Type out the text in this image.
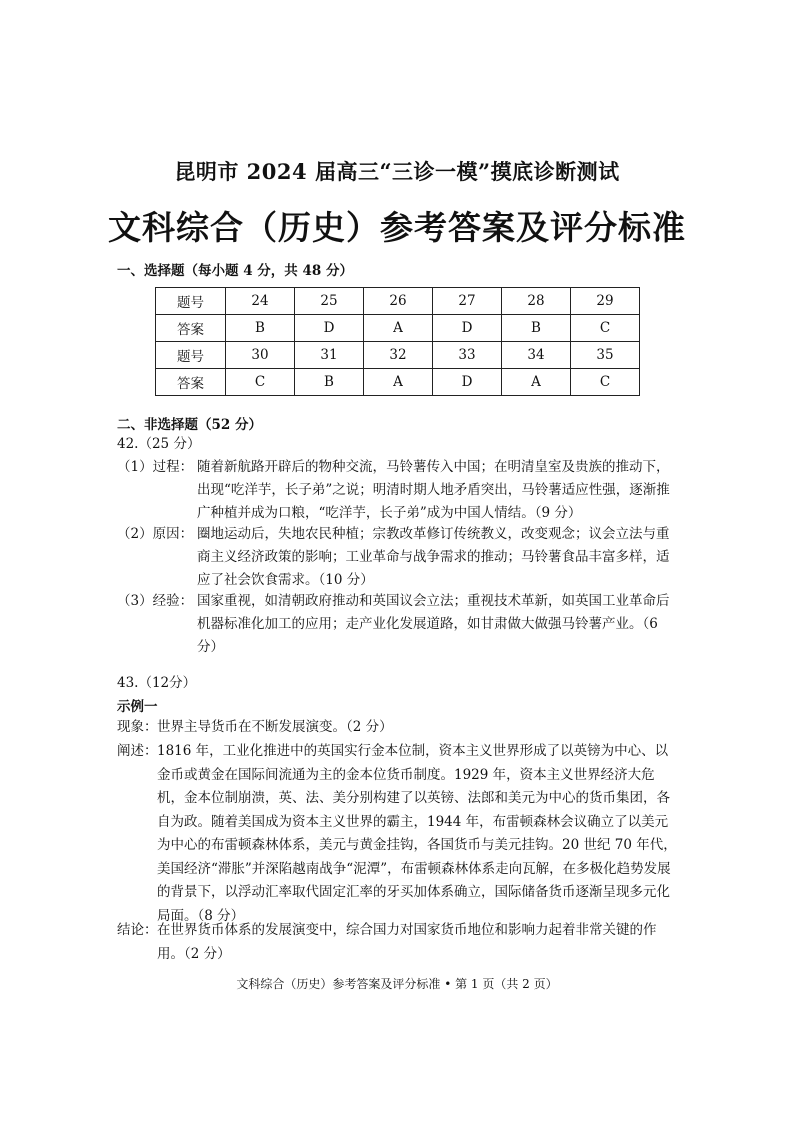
昆明市 2024 届高三“三诊一模”摸底诊断测试
文科综合（历史）参考答案及评分标准
一、选择题（每小题 4 分，共 48 分）
题号	24	25	26	27	28	29
答案	B	D	A	D	B	C
题号	30	31	32	33	34	35
答案	C	B	A	D	A	C
二、非选择题（52 分）
42.（25 分）
（1）过程： 随着新航路开辟后的物种交流，马铃薯传入中国；在明清皇室及贵族的推动下，出现“吃洋芋，长子弟”之说；明清时期人地矛盾突出，马铃薯适应性强，逐渐推广种植并成为口粮，“吃洋芋，长子弟”成为中国人情结。（9 分）
（2）原因： 圈地运动后，失地农民种植；宗教改革修订传统教义，改变观念；议会立法与重商主义经济政策的影响；工业革命与战争需求的推动；马铃薯食品丰富多样，适应了社会饮食需求。（10 分）
（3）经验： 国家重视，如清朝政府推动和英国议会立法；重视技术革新，如英国工业革命后机器标准化加工的应用；走产业化发展道路，如甘肃做大做强马铃薯产业。（6 分）
43.（12分）
示例一
现象： 世界主导货币在不断发展演变。（2 分）
阐述： 1816 年，工业化推进中的英国实行金本位制，资本主义世界形成了以英镑为中心、以金币或黄金在国际间流通为主的金本位货币制度。1929 年，资本主义世界经济大危机，金本位制崩溃，英、法、美分别构建了以英镑、法郎和美元为中心的货币集团，各自为政。随着美国成为资本主义世界的霸主，1944 年，布雷顿森林会议确立了以美元为中心的布雷顿森林体系，美元与黄金挂钩，各国货币与美元挂钩。20 世纪 70 年代，美国经济“滞胀”并深陷越南战争“泥潭”，布雷顿森林体系走向瓦解，在多极化趋势发展的背景下，以浮动汇率取代固定汇率的牙买加体系确立，国际储备货币逐渐呈现多元化局面。（8 分）
结论： 在世界货币体系的发展演变中，综合国力对国家货币地位和影响力起着非常关键的作用。（2 分）
文科综合（历史）参考答案及评分标准 • 第 1 页（共 2 页）
